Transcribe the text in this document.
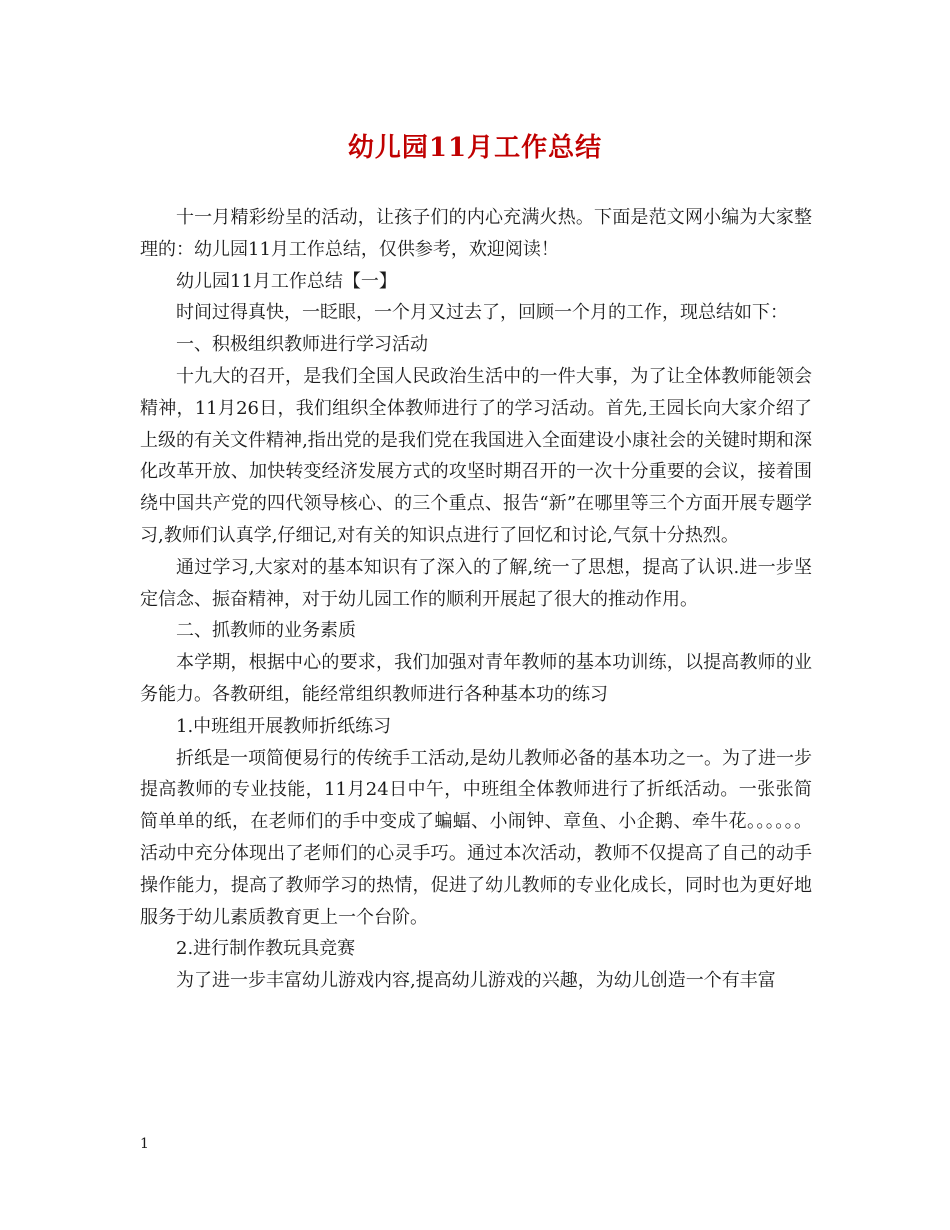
幼儿园11月工作总结

十一月精彩纷呈的活动，让孩子们的内心充满火热。下面是范文网小编为大家整理的：幼儿园11月工作总结，仅供参考，欢迎阅读！

幼儿园11月工作总结【一】

时间过得真快，一眨眼，一个月又过去了，回顾一个月的工作，现总结如下：

一、积极组织教师进行学习活动

十九大的召开，是我们全国人民政治生活中的一件大事，为了让全体教师能领会精神，11月26日，我们组织全体教师进行了的学习活动。首先,王园长向大家介绍了上级的有关文件精神,指出党的是我们党在我国进入全面建设小康社会的关键时期和深化改革开放、加快转变经济发展方式的攻坚时期召开的一次十分重要的会议，接着围绕中国共产党的四代领导核心、的三个重点、报告“新”在哪里等三个方面开展专题学习,教师们认真学,仔细记,对有关的知识点进行了回忆和讨论,气氛十分热烈。

通过学习,大家对的基本知识有了深入的了解,统一了思想，提高了认识.进一步坚定信念、振奋精神，对于幼儿园工作的顺利开展起了很大的推动作用。

二、抓教师的业务素质

本学期，根据中心的要求，我们加强对青年教师的基本功训练，以提高教师的业务能力。各教研组，能经常组织教师进行各种基本功的练习

1.中班组开展教师折纸练习

折纸是一项简便易行的传统手工活动,是幼儿教师必备的基本功之一。为了进一步提高教师的专业技能，11月24日中午，中班组全体教师进行了折纸活动。一张张简简单单的纸，在老师们的手中变成了蝙蝠、小闹钟、章鱼、小企鹅、牵牛花。。。。。。活动中充分体现出了老师们的心灵手巧。通过本次活动，教师不仅提高了自己的动手操作能力，提高了教师学习的热情，促进了幼儿教师的专业化成长，同时也为更好地服务于幼儿素质教育更上一个台阶。

2.进行制作教玩具竞赛

为了进一步丰富幼儿游戏内容,提高幼儿游戏的兴趣，为幼儿创造一个有丰富

1
